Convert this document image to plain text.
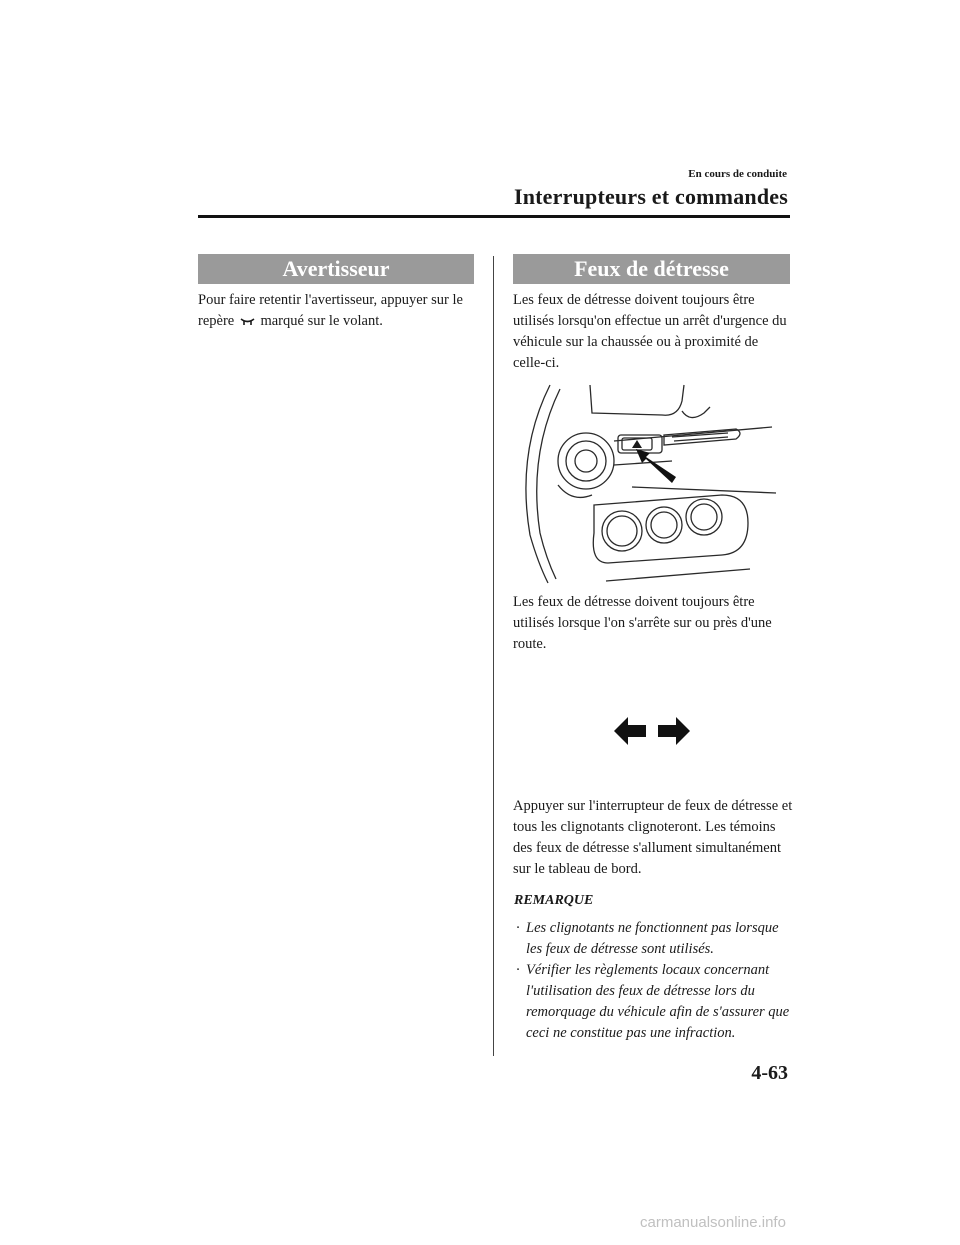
En cours de conduite
Interrupteurs et commandes
Avertisseur
Pour faire retentir l'avertisseur, appuyer sur le repère marqué sur le volant.
Feux de détresse
Les feux de détresse doivent toujours être utilisés lorsqu'on effectue un arrêt d'urgence du véhicule sur la chaussée ou à proximité de celle-ci.
Les feux de détresse doivent toujours être utilisés lorsque l'on s'arrête sur ou près d'une route.
Appuyer sur l'interrupteur de feux de détresse et tous les clignotants clignoteront. Les témoins des feux de détresse s'allument simultanément sur le tableau de bord.
REMARQUE
· Les clignotants ne fonctionnent pas lorsque les feux de détresse sont utilisés.
· Vérifier les règlements locaux concernant l'utilisation des feux de détresse lors du remorquage du véhicule afin de s'assurer que ceci ne constitue pas une infraction.
4-63
carmanualsonline.info
